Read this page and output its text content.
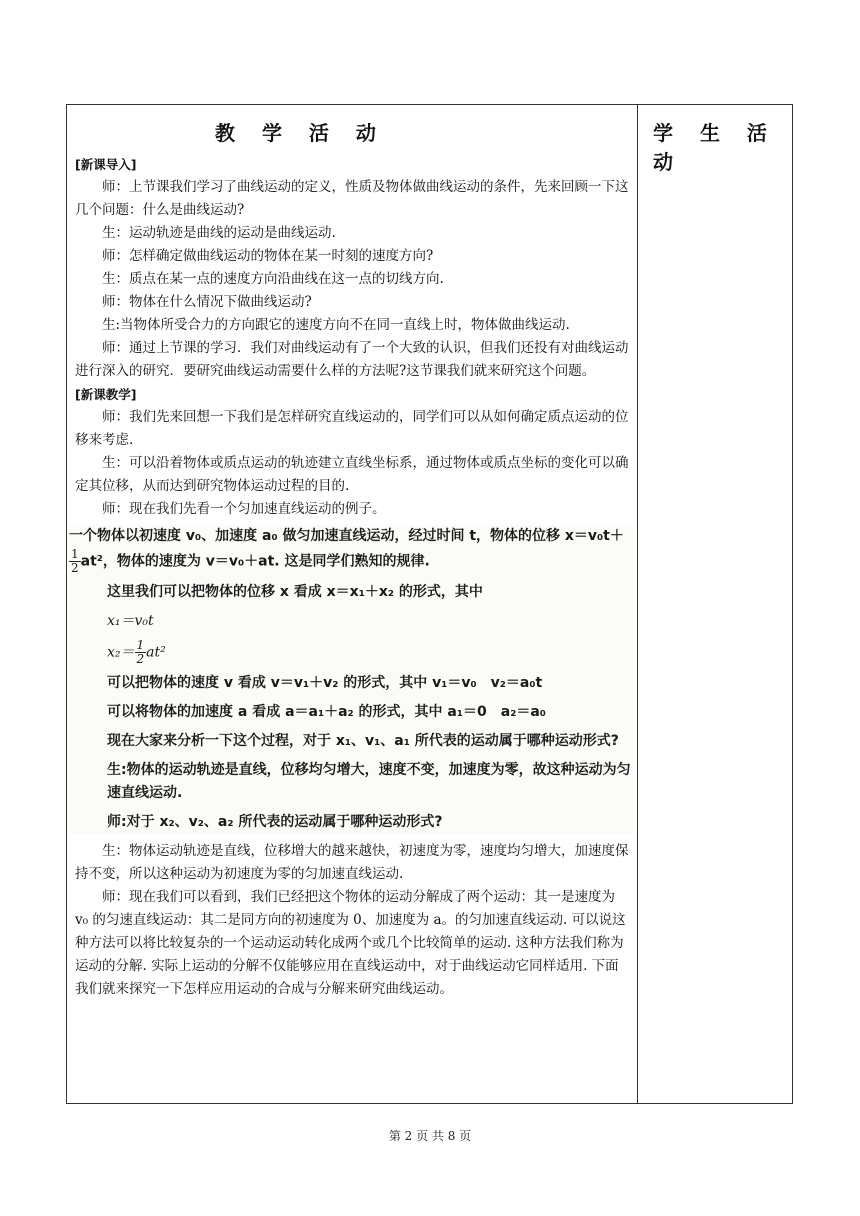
教 学 活 动	学 生 活 动

[新课导入]

师：上节课我们学习了曲线运动的定义，性质及物体做曲线运动的条件，先来回顾一下这几个问题：什么是曲线运动?

生：运动轨迹是曲线的运动是曲线运动.

师：怎样确定做曲线运动的物体在某一时刻的速度方向?

生：质点在某一点的速度方向沿曲线在这一点的切线方向.

师：物体在什么情况下做曲线运动?

生:当物体所受合力的方向跟它的速度方向不在同一直线上时，物体做曲线运动.

师：通过上节课的学习．我们对曲线运动有了一个大致的认识，但我们还投有对曲线运动进行深入的研究．要研究曲线运动需要什么样的方法呢?这节课我们就来研究这个问题。

[新课教学]

师：我们先来回想一下我们是怎样研究直线运动的，同学们可以从如何确定质点运动的位移来考虑.

生：可以沿着物体或质点运动的轨迹建立直线坐标系，通过物体或质点坐标的变化可以确定其位移，从而达到研究物体运动过程的目的.

师：现在我们先看一个匀加速直线运动的例子。

一个物体以初速度 v₀、加速度 a₀ 做匀加速直线运动，经过时间 t，物体的位移 x＝v₀t＋

$\frac{1}{2} at^2$，物体的速度为 v＝v₀＋at. 这是同学们熟知的规律.
这里我们可以把物体的位移 x 看成 x＝x₁＋x₂ 的形式，其中
x₁＝v₀t
$x_2= \frac{1}{2} at^2$
可以把物体的速度 v 看成 v＝v₁＋v₂ 的形式，其中 v₁＝v₀　v₂＝a₀t
可以将物体的加速度 a 看成 a＝a₁＋a₂ 的形式，其中 a₁＝0　a₂＝a₀
现在大家来分析一下这个过程，对于 x₁、v₁、a₁ 所代表的运动属于哪种运动形式?
生:物体的运动轨迹是直线，位移均匀增大，速度不变，加速度为零，故这种运动为匀速直线运动.
师:对于 x₂、v₂、a₂ 所代表的运动属于哪种运动形式?

生：物体运动轨迹是直线，位移增大的越来越快，初速度为零，速度均匀增大，加速度保持不变，所以这种运动为初速度为零的匀加速直线运动.

师：现在我们可以看到，我们已经把这个物体的运动分解成了两个运动：其一是速度为 v₀ 的匀速直线运动：其二是同方向的初速度为 0、加速度为 a。的匀加速直线运动. 可以说这种方法可以将比较复杂的一个运动运动转化成两个或几个比较简单的运动. 这种方法我们称为运动的分解. 实际上运动的分解不仅能够应用在直线运动中，对于曲线运动它同样适用. 下面我们就来探究一下怎样应用运动的合成与分解来研究曲线运动。

第 2 页 共 8 页
